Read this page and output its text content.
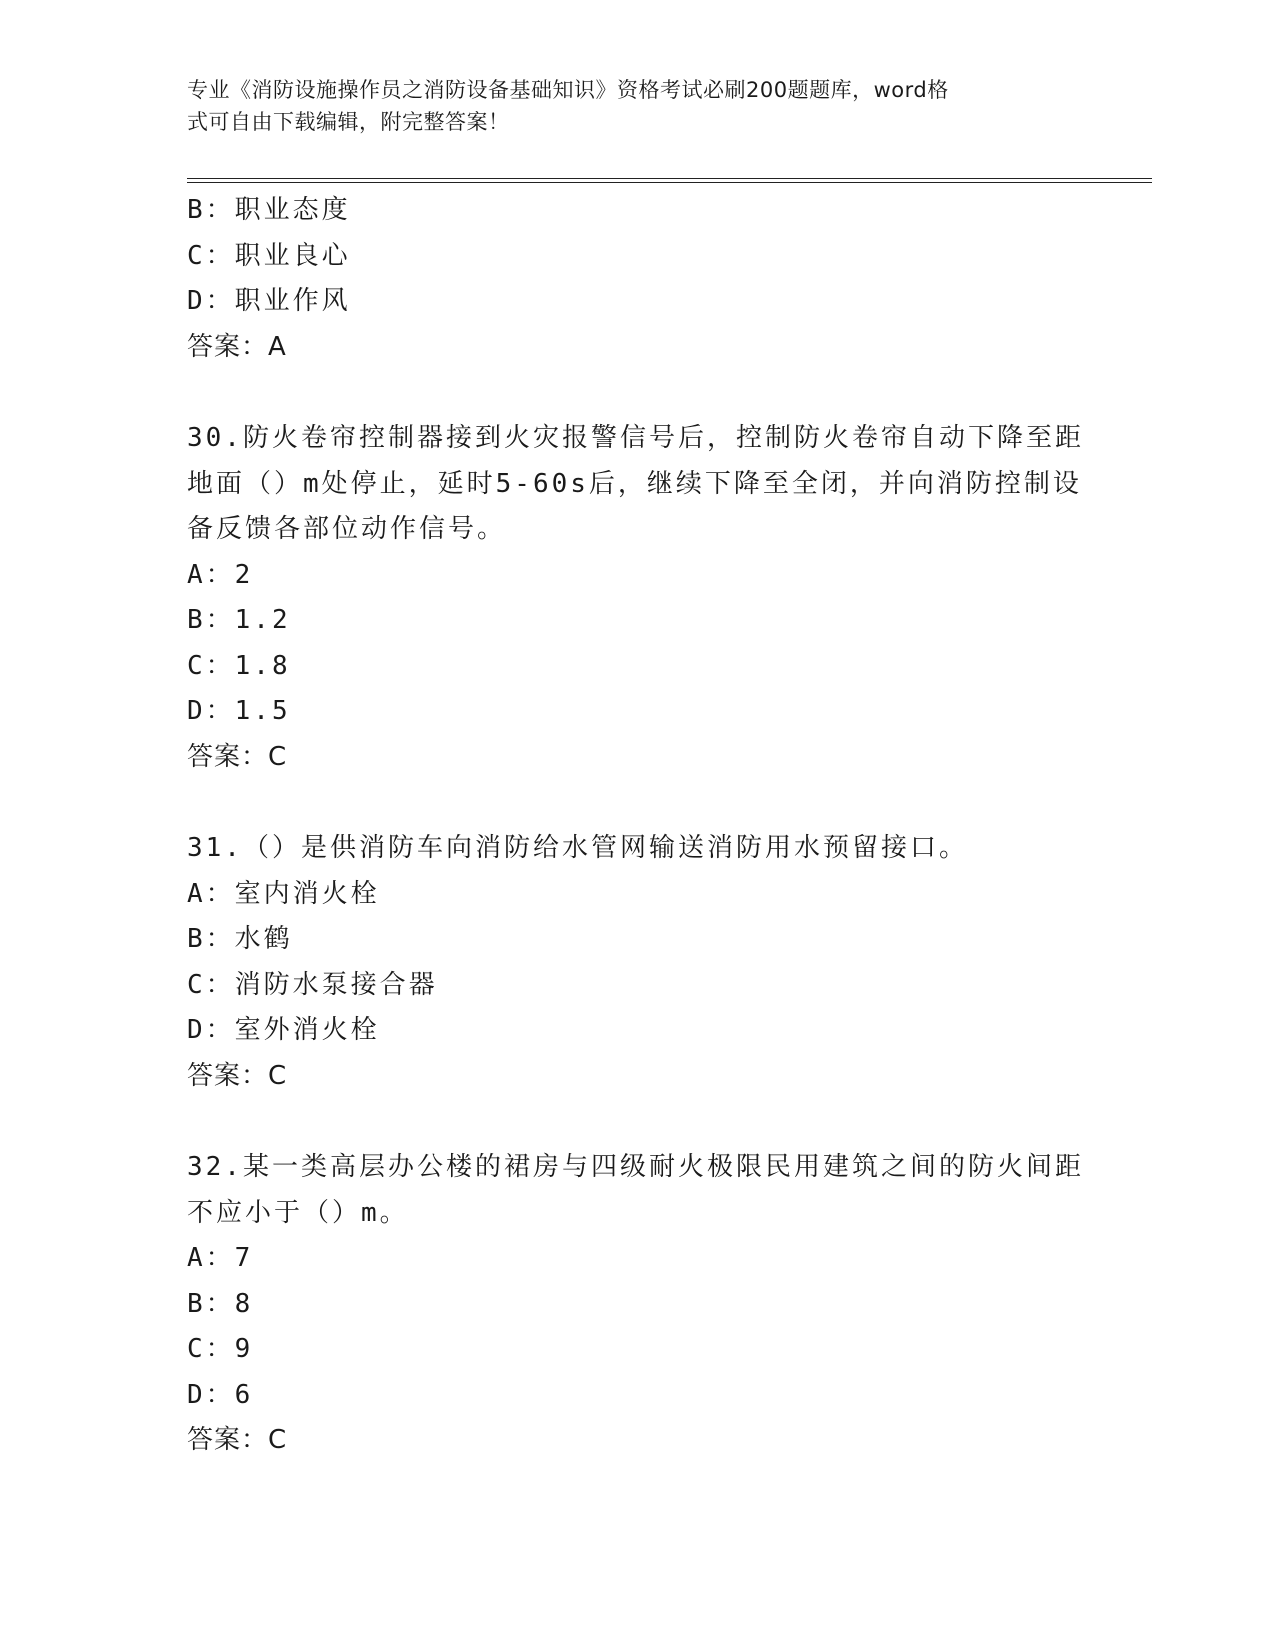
专业《消防设施操作员之消防设备基础知识》资格考试必刷200题题库，word格
式可自由下载编辑，附完整答案！
B：职业态度
C：职业良心
D：职业作风
答案：A
30.防火卷帘控制器接到火灾报警信号后，控制防火卷帘自动下降至距
地面（）m处停止，延时5-60s后，继续下降至全闭，并向消防控制设
备反馈各部位动作信号。
A：2
B：1.2
C：1.8
D：1.5
答案：C
31.（）是供消防车向消防给水管网输送消防用水预留接口。
A：室内消火栓
B：水鹤
C：消防水泵接合器
D：室外消火栓
答案：C
32.某一类高层办公楼的裙房与四级耐火极限民用建筑之间的防火间距
不应小于（）m。
A：7
B：8
C：9
D：6
答案：C
